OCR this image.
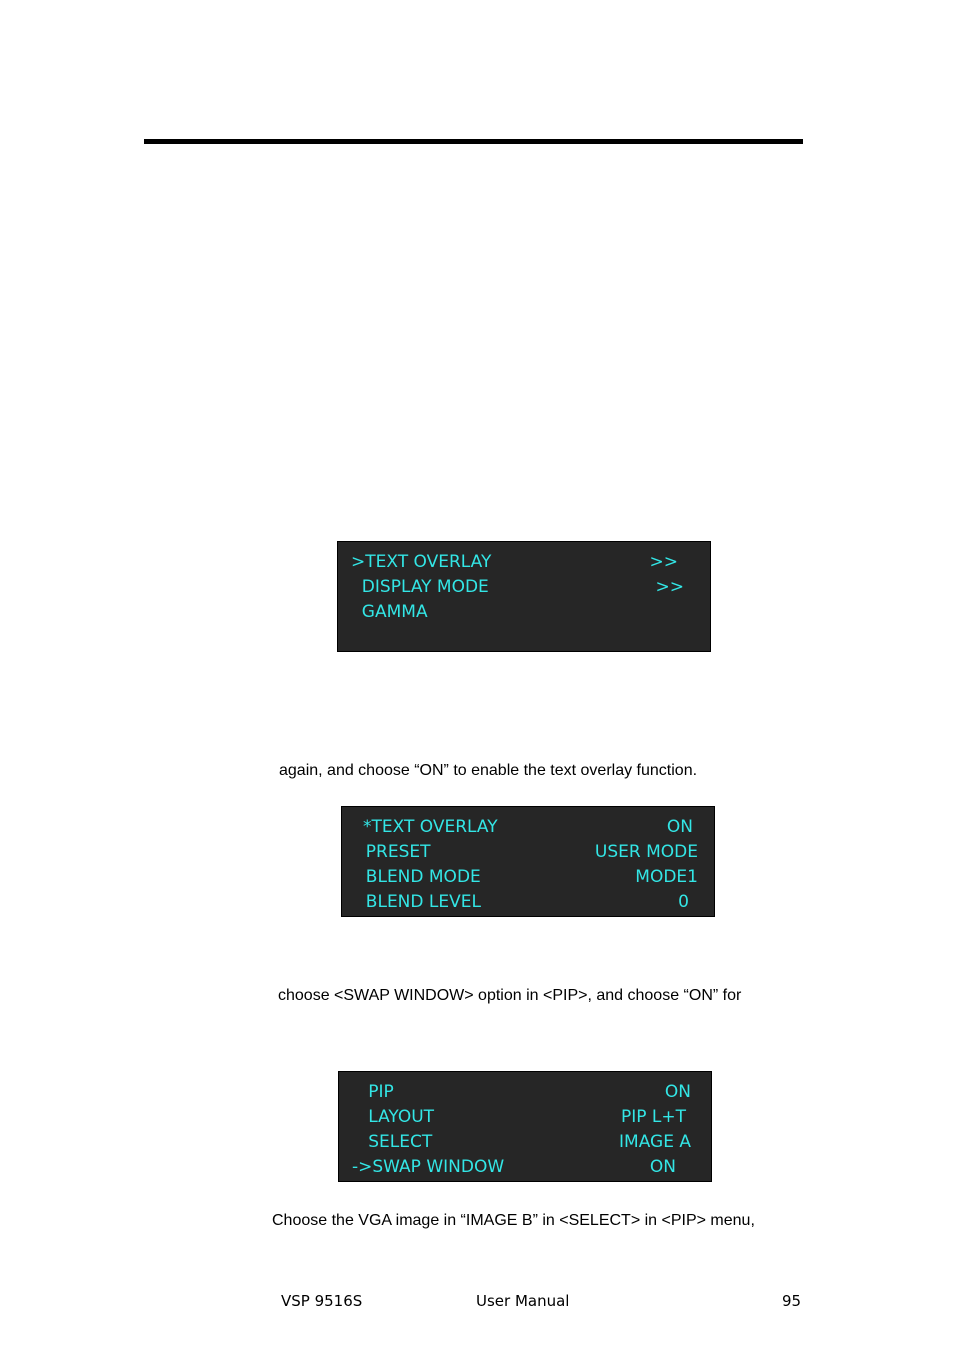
>TEXT OVERLAY	>>
DISPLAY MODE	>>
GAMMA
again, and choose “ON” to enable the text overlay function.
*TEXT OVERLAY	ON
PRESET	USER MODE
BLEND MODE	MODE1
BLEND LEVEL	0
choose <SWAP WINDOW> option in <PIP>, and choose “ON” for
PIP	ON
LAYOUT	PIP L+T
SELECT	IMAGE A
->SWAP WINDOW	ON
Choose the VGA image in “IMAGE B” in <SELECT> in <PIP> menu,
VSP 9516S	User Manual	95
